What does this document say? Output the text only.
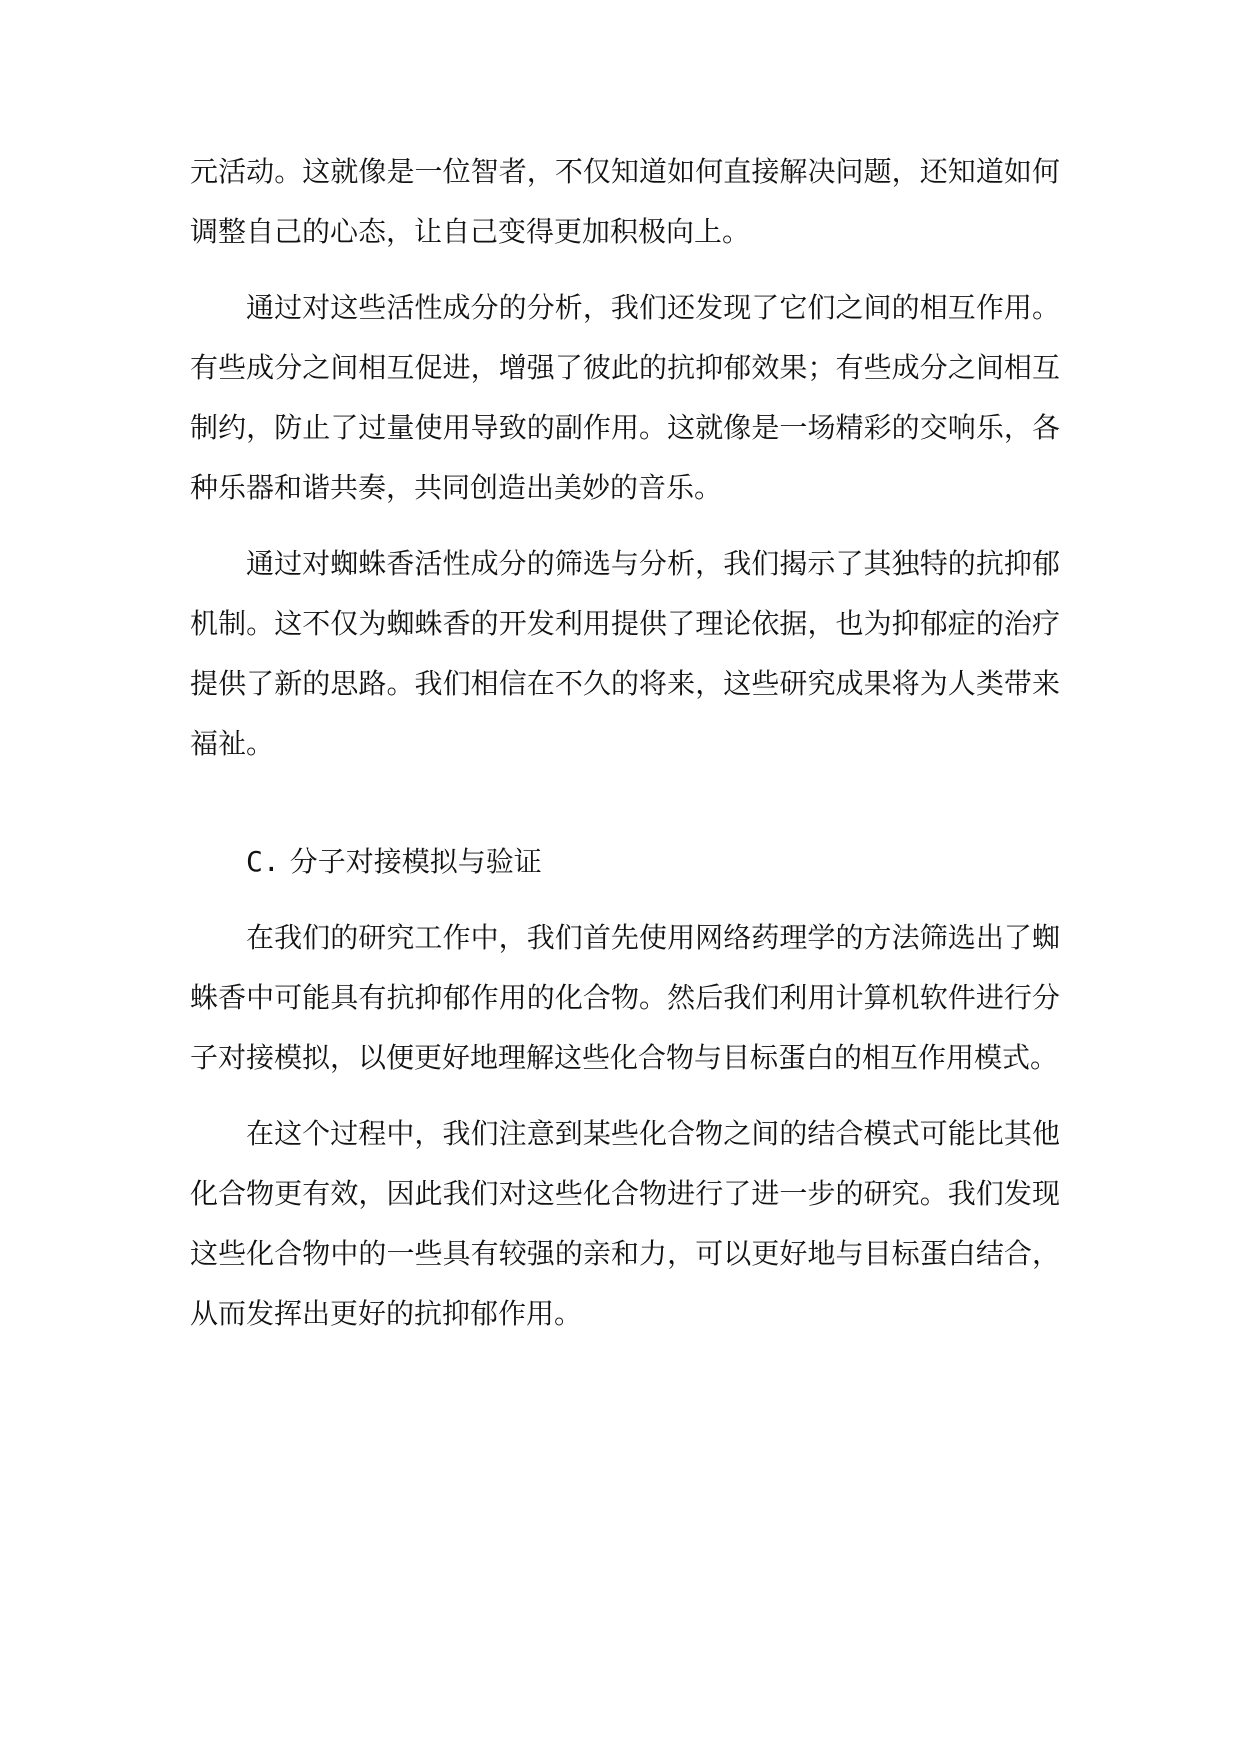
元活动。这就像是一位智者，不仅知道如何直接解决问题，还知道如何调整自己的心态，让自己变得更加积极向上。

通过对这些活性成分的分析，我们还发现了它们之间的相互作用。有些成分之间相互促进，增强了彼此的抗抑郁效果；有些成分之间相互制约，防止了过量使用导致的副作用。这就像是一场精彩的交响乐，各种乐器和谐共奏，共同创造出美妙的音乐。

通过对蜘蛛香活性成分的筛选与分析，我们揭示了其独特的抗抑郁机制。这不仅为蜘蛛香的开发利用提供了理论依据，也为抑郁症的治疗提供了新的思路。我们相信在不久的将来，这些研究成果将为人类带来福祉。

C. 分子对接模拟与验证

在我们的研究工作中，我们首先使用网络药理学的方法筛选出了蜘蛛香中可能具有抗抑郁作用的化合物。然后我们利用计算机软件进行分子对接模拟，以便更好地理解这些化合物与目标蛋白的相互作用模式。

在这个过程中，我们注意到某些化合物之间的结合模式可能比其他化合物更有效，因此我们对这些化合物进行了进一步的研究。我们发现这些化合物中的一些具有较强的亲和力，可以更好地与目标蛋白结合，从而发挥出更好的抗抑郁作用。
